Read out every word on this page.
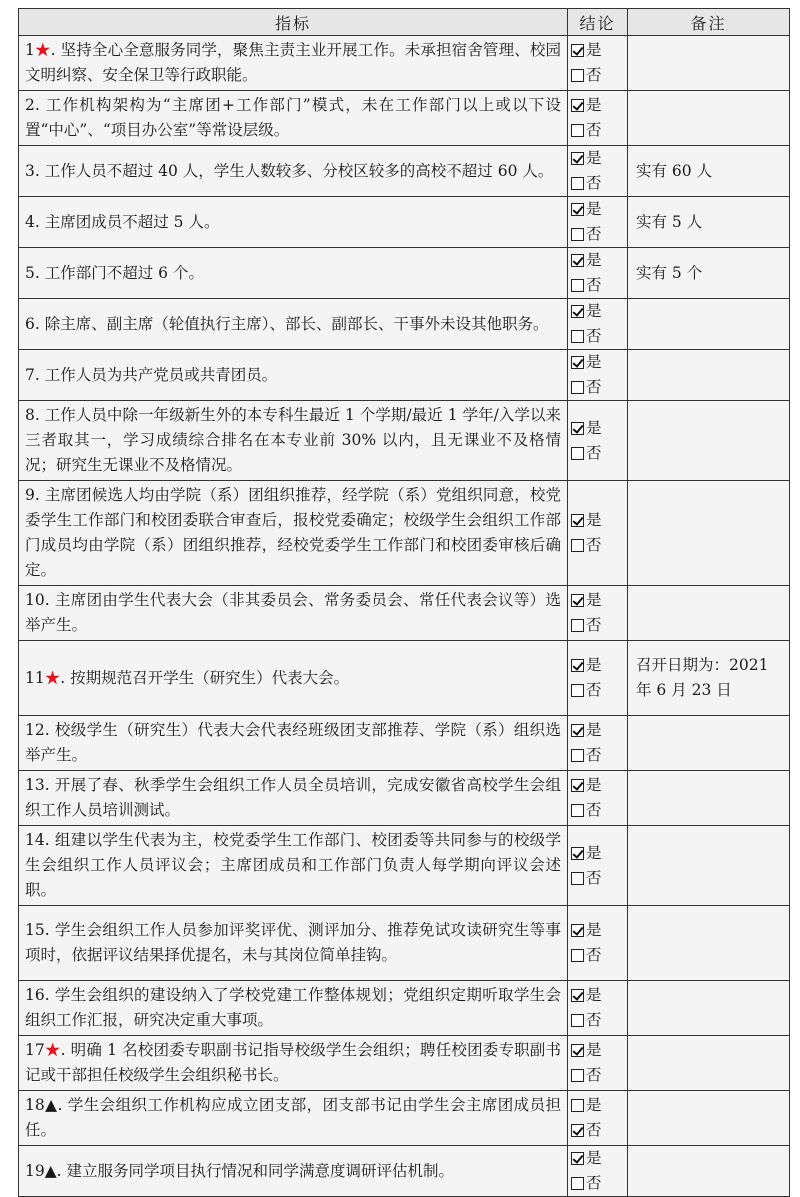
指标	结论	备注
1★. 坚持全心全意服务同学，聚焦主责主业开展工作。未承担宿舍管理、校园文明纠察、安全保卫等行政职能。	是
否	

2. 工作机构架构为“主席团+工作部门”模式，未在工作部门以上或以下设置“中心”、“项目办公室”等常设层级。	是
否	

3. 工作人员不超过 40 人，学生人数较多、分校区较多的高校不超过 60 人。	是
否	实有 60 人
4. 主席团成员不超过 5 人。	是
否	实有 5 人
5. 工作部门不超过 6 个。	是
否	实有 5 个
6. 除主席、副主席（轮值执行主席）、部长、副部长、干事外未设其他职务。	是
否	

7. 工作人员为共产党员或共青团员。	是
否	

8. 工作人员中除一年级新生外的本专科生最近 1 个学期/最近 1 学年/入学以来三者取其一，学习成绩综合排名在本专业前 30% 以内，且无课业不及格情况；研究生无课业不及格情况。	是
否	

9. 主席团候选人均由学院（系）团组织推荐，经学院（系）党组织同意，校党委学生工作部门和校团委联合审查后，报校党委确定；校级学生会组织工作部门成员均由学院（系）团组织推荐，经校党委学生工作部门和校团委审核后确定。	是
否	

10. 主席团由学生代表大会（非其委员会、常务委员会、常任代表会议等）选举产生。	是
否	

11★. 按期规范召开学生（研究生）代表大会。	是
否	召开日期为：2021 年 6 月 23 日
12. 校级学生（研究生）代表大会代表经班级团支部推荐、学院（系）组织选举产生。	是
否	

13. 开展了春、秋季学生会组织工作人员全员培训，完成安徽省高校学生会组织工作人员培训测试。	是
否	

14. 组建以学生代表为主，校党委学生工作部门、校团委等共同参与的校级学生会组织工作人员评议会；主席团成员和工作部门负责人每学期向评议会述职。	是
否	

15. 学生会组织工作人员参加评奖评优、测评加分、推荐免试攻读研究生等事项时，依据评议结果择优提名，未与其岗位简单挂钩。	是
否	

16. 学生会组织的建设纳入了学校党建工作整体规划；党组织定期听取学生会组织工作汇报，研究决定重大事项。	是
否	

17★. 明确 1 名校团委专职副书记指导校级学生会组织；聘任校团委专职副书记或干部担任校级学生会组织秘书长。	是
否	

18▲. 学生会组织工作机构应成立团支部，团支部书记由学生会主席团成员担任。	是
否	

19▲. 建立服务同学项目执行情况和同学满意度调研评估机制。	是
否	
